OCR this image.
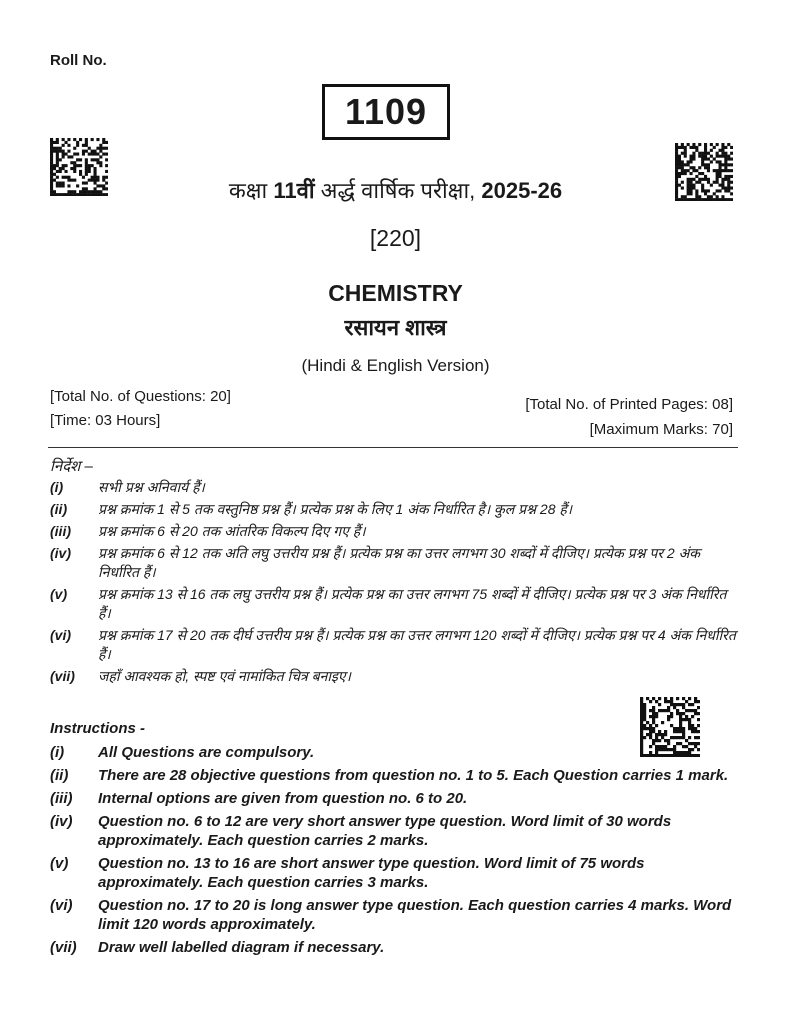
Roll No.
1109
कक्षा 11वीं अर्द्ध वार्षिक परीक्षा, 2025-26
[220]
CHEMISTRY
रसायन शास्त्र
(Hindi & English Version)
[Total No. of Questions: 20]
[Time: 03 Hours]
[Total No. of Printed Pages: 08]
[Maximum Marks: 70]
निर्देश –
(i)	सभी प्रश्न अनिवार्य हैं।
(ii)	प्रश्न क्रमांक 1 से 5 तक वस्तुनिष्ठ प्रश्न हैं। प्रत्येक प्रश्न के लिए 1 अंक निर्धारित है। कुल प्रश्न 28 हैं।
(iii)	प्रश्न क्रमांक 6 से 20 तक आंतरिक विकल्प दिए गए हैं।
(iv)	प्रश्न क्रमांक 6 से 12 तक अति लघु उत्तरीय प्रश्न हैं। प्रत्येक प्रश्न का उत्तर लगभग 30 शब्दों में दीजिए। प्रत्येक प्रश्न पर 2 अंक निर्धारित हैं।
(v)	प्रश्न क्रमांक 13 से 16 तक लघु उत्तरीय प्रश्न हैं। प्रत्येक प्रश्न का उत्तर लगभग 75 शब्दों में दीजिए। प्रत्येक प्रश्न पर 3 अंक निर्धारित हैं।
(vi)	प्रश्न क्रमांक 17 से 20 तक दीर्घ उत्तरीय प्रश्न हैं। प्रत्येक प्रश्न का उत्तर लगभग 120 शब्दों में दीजिए। प्रत्येक प्रश्न पर 4 अंक निर्धारित हैं।
(vii)	जहाँ आवश्यक हो, स्पष्ट एवं नामांकित चित्र बनाइए।
Instructions -
(i)	All Questions are compulsory.
(ii)	There are 28 objective questions from question no. 1 to 5. Each Question carries 1 mark.
(iii)	Internal options are given from question no. 6 to 20.
(iv)	Question no. 6 to 12 are very short answer type question. Word limit of 30 words approximately. Each question carries 2 marks.
(v)	Question no. 13 to 16 are short answer type question. Word limit of 75 words approximately. Each question carries 3 marks.
(vi)	Question no. 17 to 20 is long answer type question. Each question carries 4 marks. Word limit 120 words approximately.
(vii)	Draw well labelled diagram if necessary.
